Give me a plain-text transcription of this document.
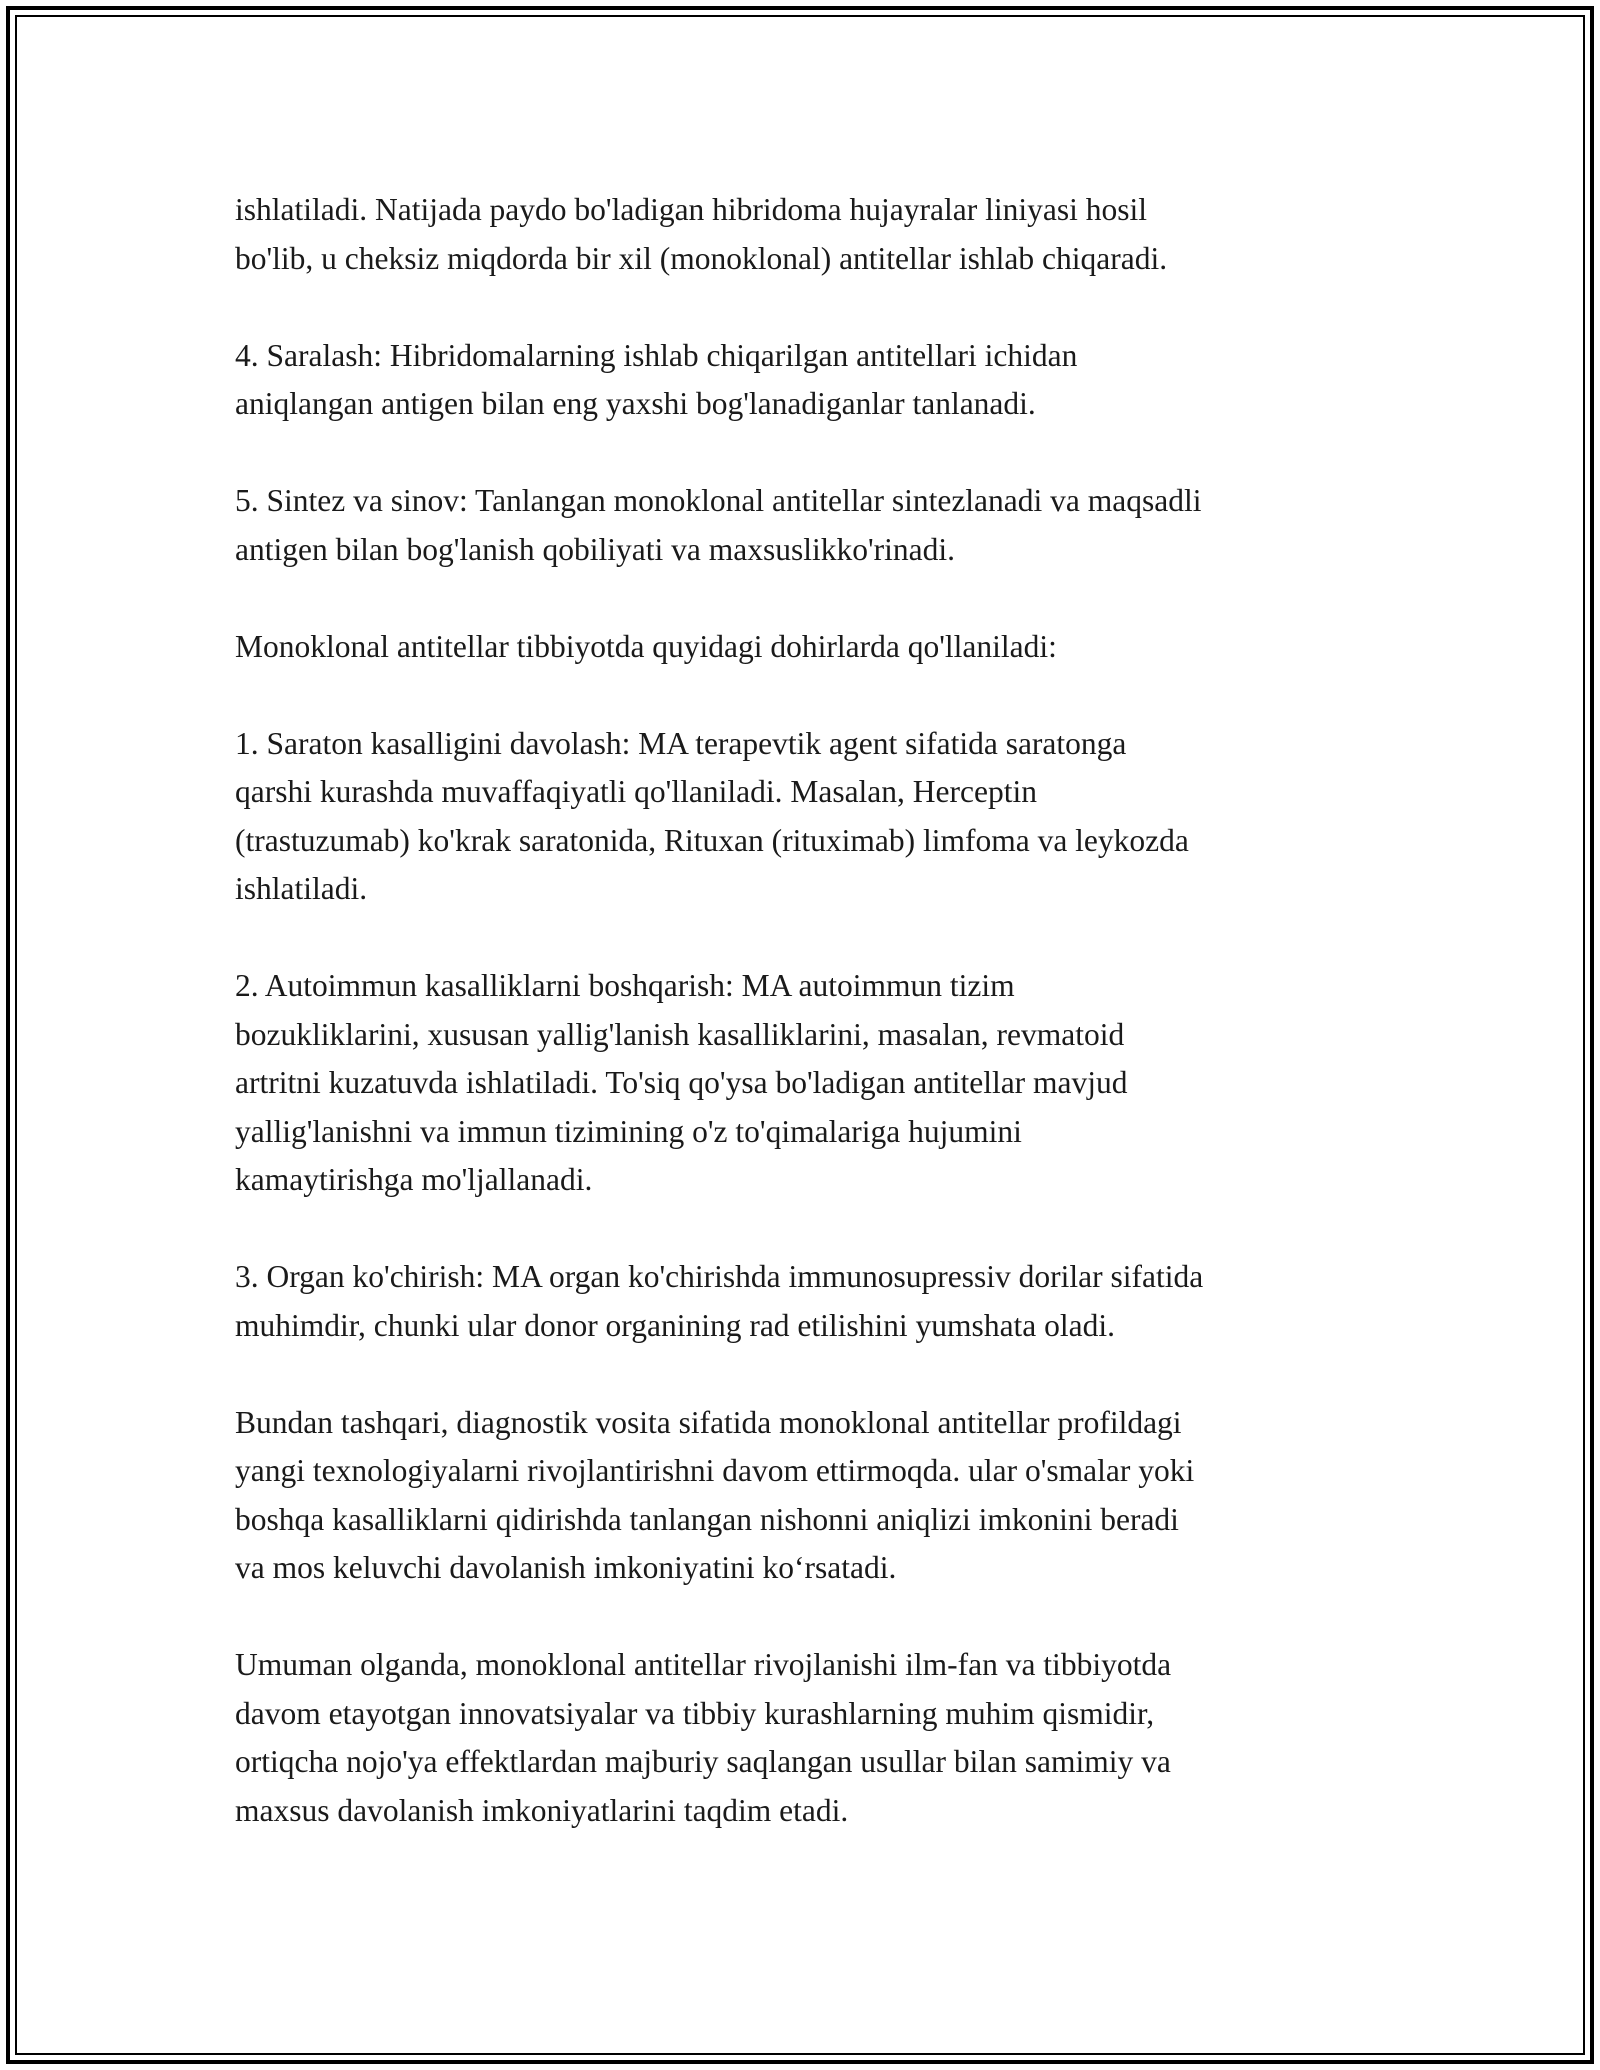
ishlatiladi. Natijada paydo bo'ladigan hibridoma hujayralar liniyasi hosil
bo'lib, u cheksiz miqdorda bir xil (monoklonal) antitellar ishlab chiqaradi.

4. Saralash: Hibridomalarning ishlab chiqarilgan antitellari ichidan
aniqlangan antigen bilan eng yaxshi bog'lanadiganlar tanlanadi.

5. Sintez va sinov: Tanlangan monoklonal antitellar sintezlanadi va maqsadli
antigen bilan bog'lanish qobiliyati va maxsuslikko'rinadi.

Monoklonal antitellar tibbiyotda quyidagi dohirlarda qo'llaniladi:

1. Saraton kasalligini davolash: MA terapevtik agent sifatida saratonga
qarshi kurashda muvaffaqiyatli qo'llaniladi. Masalan, Herceptin
(trastuzumab) ko'krak saratonida, Rituxan (rituximab) limfoma va leykozda
ishlatiladi.

2. Autoimmun kasalliklarni boshqarish: MA autoimmun tizim
bozukliklarini, xususan yallig'lanish kasalliklarini, masalan, revmatoid
artritni kuzatuvda ishlatiladi. To'siq qo'ysa bo'ladigan antitellar mavjud
yallig'lanishni va immun tizimining o'z to'qimalariga hujumini
kamaytirishga mo'ljallanadi.

3. Organ ko'chirish: MA organ ko'chirishda immunosupressiv dorilar sifatida
muhimdir, chunki ular donor organining rad etilishini yumshata oladi.

Bundan tashqari, diagnostik vosita sifatida monoklonal antitellar profildagi
yangi texnologiyalarni rivojlantirishni davom ettirmoqda. ular o'smalar yoki
boshqa kasalliklarni qidirishda tanlangan nishonni aniqlizi imkonini beradi
va mos keluvchi davolanish imkoniyatini ko‘rsatadi.

Umuman olganda, monoklonal antitellar rivojlanishi ilm-fan va tibbiyotda
davom etayotgan innovatsiyalar va tibbiy kurashlarning muhim qismidir,
ortiqcha nojo'ya effektlardan majburiy saqlangan usullar bilan samimiy va
maxsus davolanish imkoniyatlarini taqdim etadi.
